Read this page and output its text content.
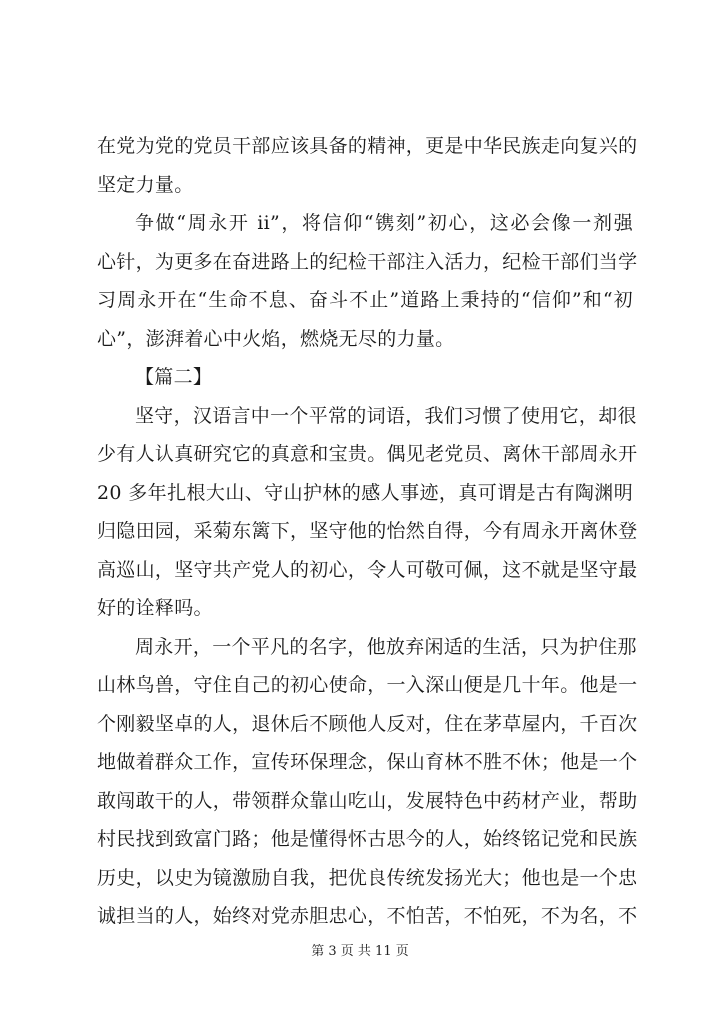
在党为党的党员干部应该具备的精神，更是中华民族走向复兴的
坚定力量。
争做“周永开 ii”，将信仰“镌刻”初心，这必会像一剂强
心针，为更多在奋进路上的纪检干部注入活力，纪检干部们当学
习周永开在“生命不息、奋斗不止”道路上秉持的“信仰”和“初
心”，澎湃着心中火焰，燃烧无尽的力量。
【篇二】
坚守，汉语言中一个平常的词语，我们习惯了使用它，却很
少有人认真研究它的真意和宝贵。偶见老党员、离休干部周永开
20 多年扎根大山、守山护林的感人事迹，真可谓是古有陶渊明
归隐田园，采菊东篱下，坚守他的怡然自得，今有周永开离休登
高巡山，坚守共产党人的初心，令人可敬可佩，这不就是坚守最
好的诠释吗。
周永开，一个平凡的名字，他放弃闲适的生活，只为护住那
山林鸟兽，守住自己的初心使命，一入深山便是几十年。他是一
个刚毅坚卓的人，退休后不顾他人反对，住在茅草屋内，千百次
地做着群众工作，宣传环保理念，保山育林不胜不休；他是一个
敢闯敢干的人，带领群众靠山吃山，发展特色中药材产业，帮助
村民找到致富门路；他是懂得怀古思今的人，始终铭记党和民族
历史，以史为镜激励自我，把优良传统发扬光大；他也是一个忠
诚担当的人，始终对党赤胆忠心，不怕苦，不怕死，不为名，不
第 3 页 共 11 页
